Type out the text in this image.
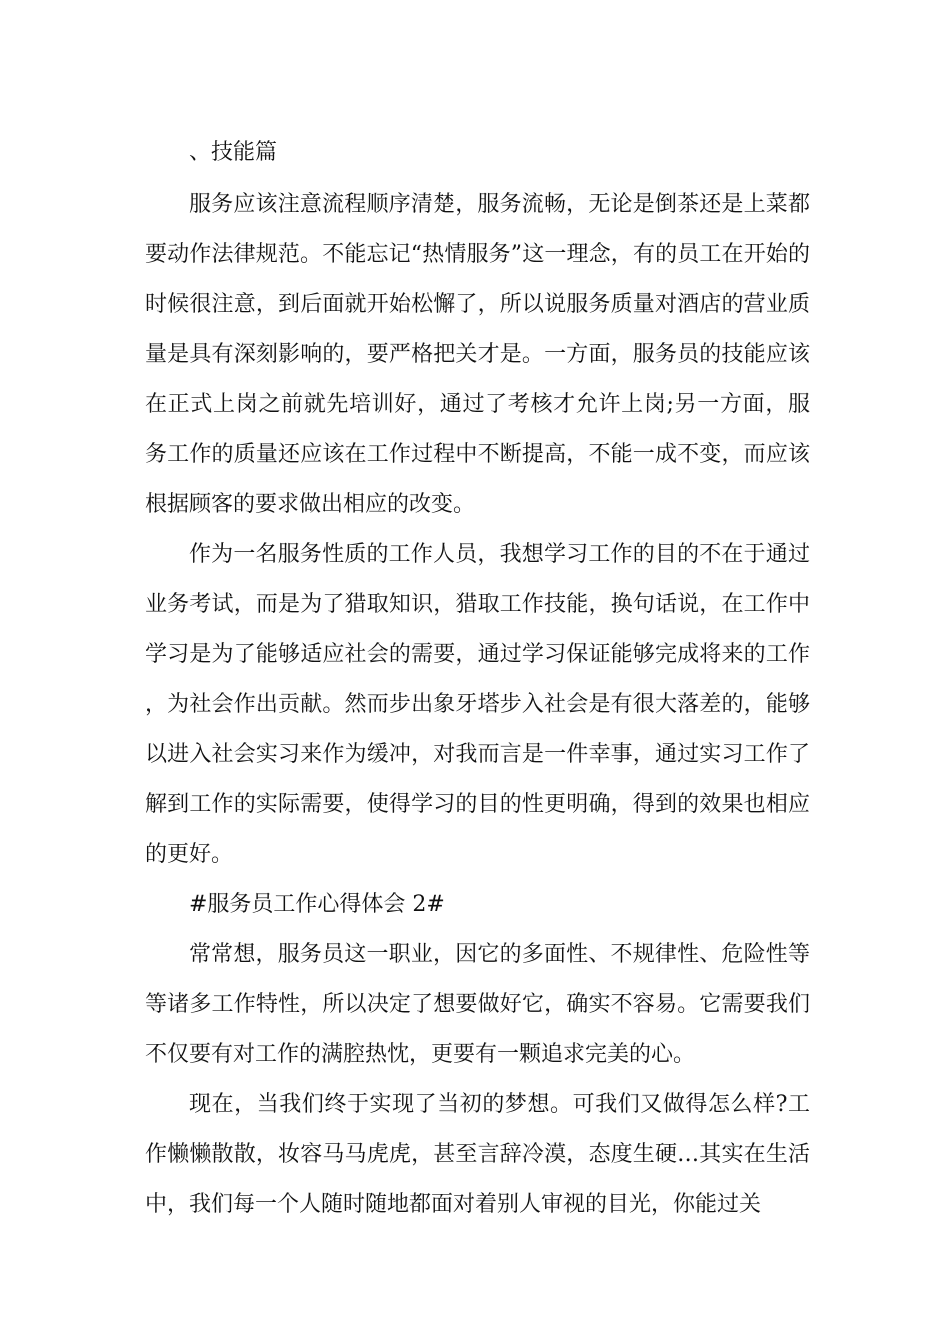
、技能篇

服务应该注意流程顺序清楚，服务流畅，无论是倒茶还是上菜都要动作法律规范。不能忘记“热情服务”这一理念，有的员工在开始的时候很注意，到后面就开始松懈了，所以说服务质量对酒店的营业质量是具有深刻影响的，要严格把关才是。一方面，服务员的技能应该在正式上岗之前就先培训好，通过了考核才允许上岗;另一方面，服务工作的质量还应该在工作过程中不断提高，不能一成不变，而应该根据顾客的要求做出相应的改变。

作为一名服务性质的工作人员，我想学习工作的目的不在于通过业务考试，而是为了猎取知识，猎取工作技能，换句话说，在工作中学习是为了能够适应社会的需要，通过学习保证能够完成将来的工作，为社会作出贡献。然而步出象牙塔步入社会是有很大落差的，能够以进入社会实习来作为缓冲，对我而言是一件幸事，通过实习工作了解到工作的实际需要，使得学习的目的性更明确，得到的效果也相应的更好。

#服务员工作心得体会 2#

常常想，服务员这一职业，因它的多面性、不规律性、危险性等等诸多工作特性，所以决定了想要做好它，确实不容易。它需要我们不仅要有对工作的满腔热忱，更要有一颗追求完美的心。

现在，当我们终于实现了当初的梦想。可我们又做得怎么样?工作懒懒散散，妆容马马虎虎，甚至言辞冷漠，态度生硬…其实在生活中，我们每一个人随时随地都面对着别人审视的目光，你能过关
